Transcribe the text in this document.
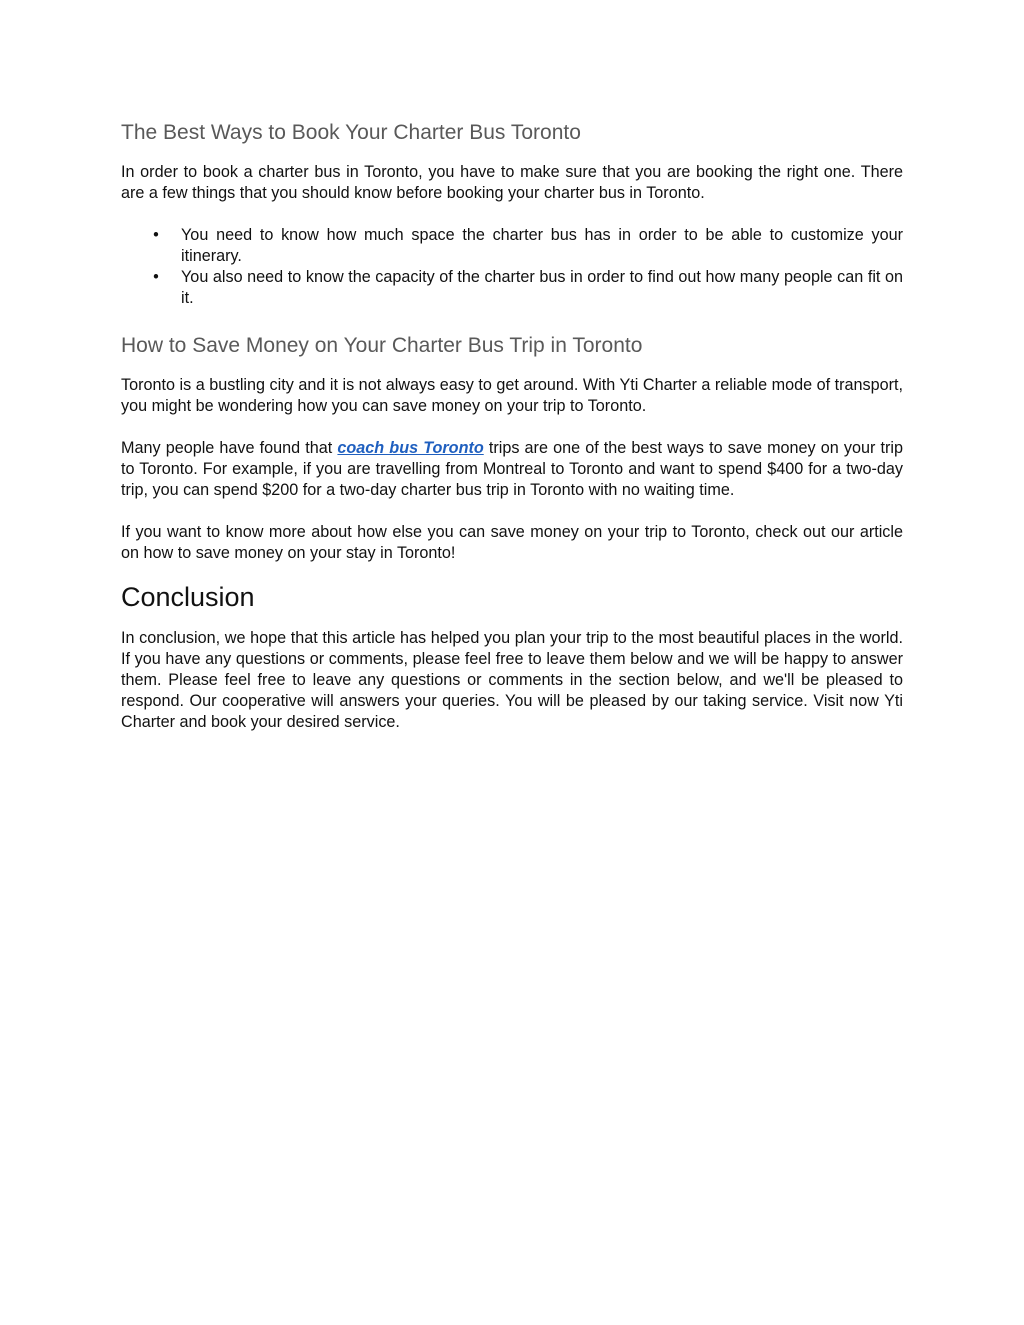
The Best Ways to Book Your Charter Bus Toronto

In order to book a charter bus in Toronto, you have to make sure that you are booking the right one. There are a few things that you should know before booking your charter bus in Toronto.

• You need to know how much space the charter bus has in order to be able to customize your itinerary.
• You also need to know the capacity of the charter bus in order to find out how many people can fit on it.
How to Save Money on Your Charter Bus Trip in Toronto

Toronto is a bustling city and it is not always easy to get around. With Yti Charter a reliable mode of transport, you might be wondering how you can save money on your trip to Toronto.

Many people have found that coach bus Toronto trips are one of the best ways to save money on your trip to Toronto. For example, if you are travelling from Montreal to Toronto and want to spend $400 for a two-day trip, you can spend $200 for a two-day charter bus trip in Toronto with no waiting time.

If you want to know more about how else you can save money on your trip to Toronto, check out our article on how to save money on your stay in Toronto!

Conclusion

In conclusion, we hope that this article has helped you plan your trip to the most beautiful places in the world. If you have any questions or comments, please feel free to leave them below and we will be happy to answer them. Please feel free to leave any questions or comments in the section below, and we'll be pleased to respond. Our cooperative will answers your queries. You will be pleased by our taking service. Visit now Yti Charter and book your desired service.
